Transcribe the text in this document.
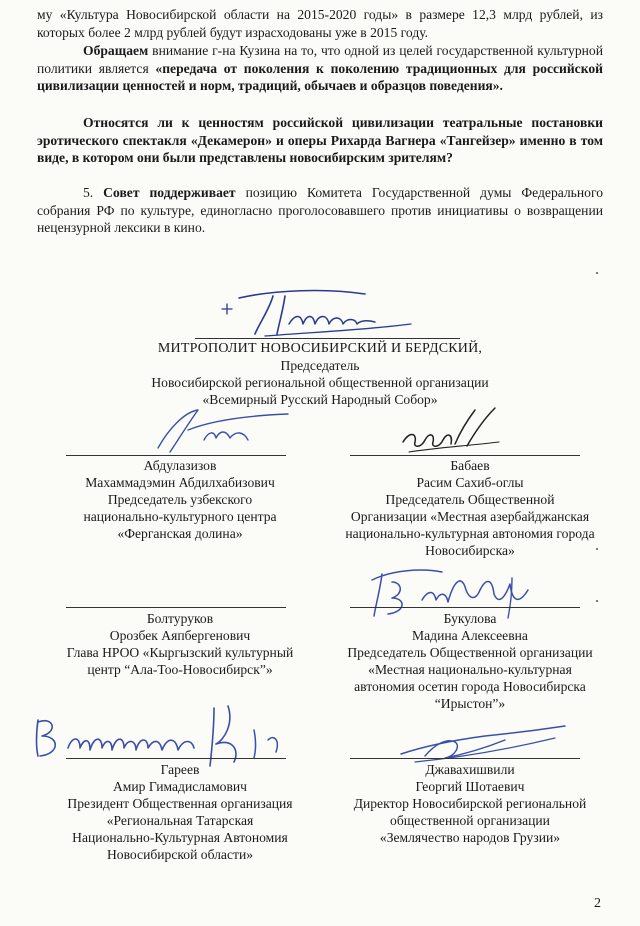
му «Культура Новосибирской области на 2015-2020 годы» в размере 12,3 млрд рублей, из которых более 2 млрд рублей будут израсходованы уже в 2015 году.

Обращаем внимание г-на Кузина на то, что одной из целей государственной культурной политики является «передача от поколения к поколению традиционных для российской цивилизации ценностей и норм, традиций, обычаев и образцов поведения».

Относятся ли к ценностям российской цивилизации театральные постановки эротического спектакля «Декамерон» и оперы Рихарда Вагнера «Тангейзер» именно в том виде, в котором они были представлены новосибирским зрителям?

5. Совет поддерживает позицию Комитета Государственной думы Федерального собрания РФ по культуре, единогласно проголосовавшего против инициативы о возвращении нецензурной лексики в кино.

МИТРОПОЛИТ НОВОСИБИРСКИЙ И БЕРДСКИЙ,
Председатель
Новосибирской региональной общественной организации
«Всемирный Русский Народный Собор»
Абдулазизов
Махаммадэмин Абдилхабизович
Председатель узбекского
национально-культурного центра
«Ферганская долина»
Бабаев
Расим Сахиб-оглы
Председатель Общественной
Организации «Местная азербайджанская
национально-культурная автономия города
Новосибирска»
Болтуруков
Орозбек Аяпбергенович
Глава НРОО «Кыргызский культурный
центр “Ала-Тоо-Новосибирск”»
Букулова
Мадина Алексеевна
Председатель Общественной организации
«Местная национально-культурная
автономия осетин города Новосибирска
“Ирыстон”»
Гареев
Амир Гимадисламович
Президент Общественная организация
«Региональная Татарская
Национально-Культурная Автономия
Новосибирской области»
Джавахишвили
Георгий Шотаевич
Директор Новосибирской региональной
общественной организации
«Землячество народов Грузии»
2
